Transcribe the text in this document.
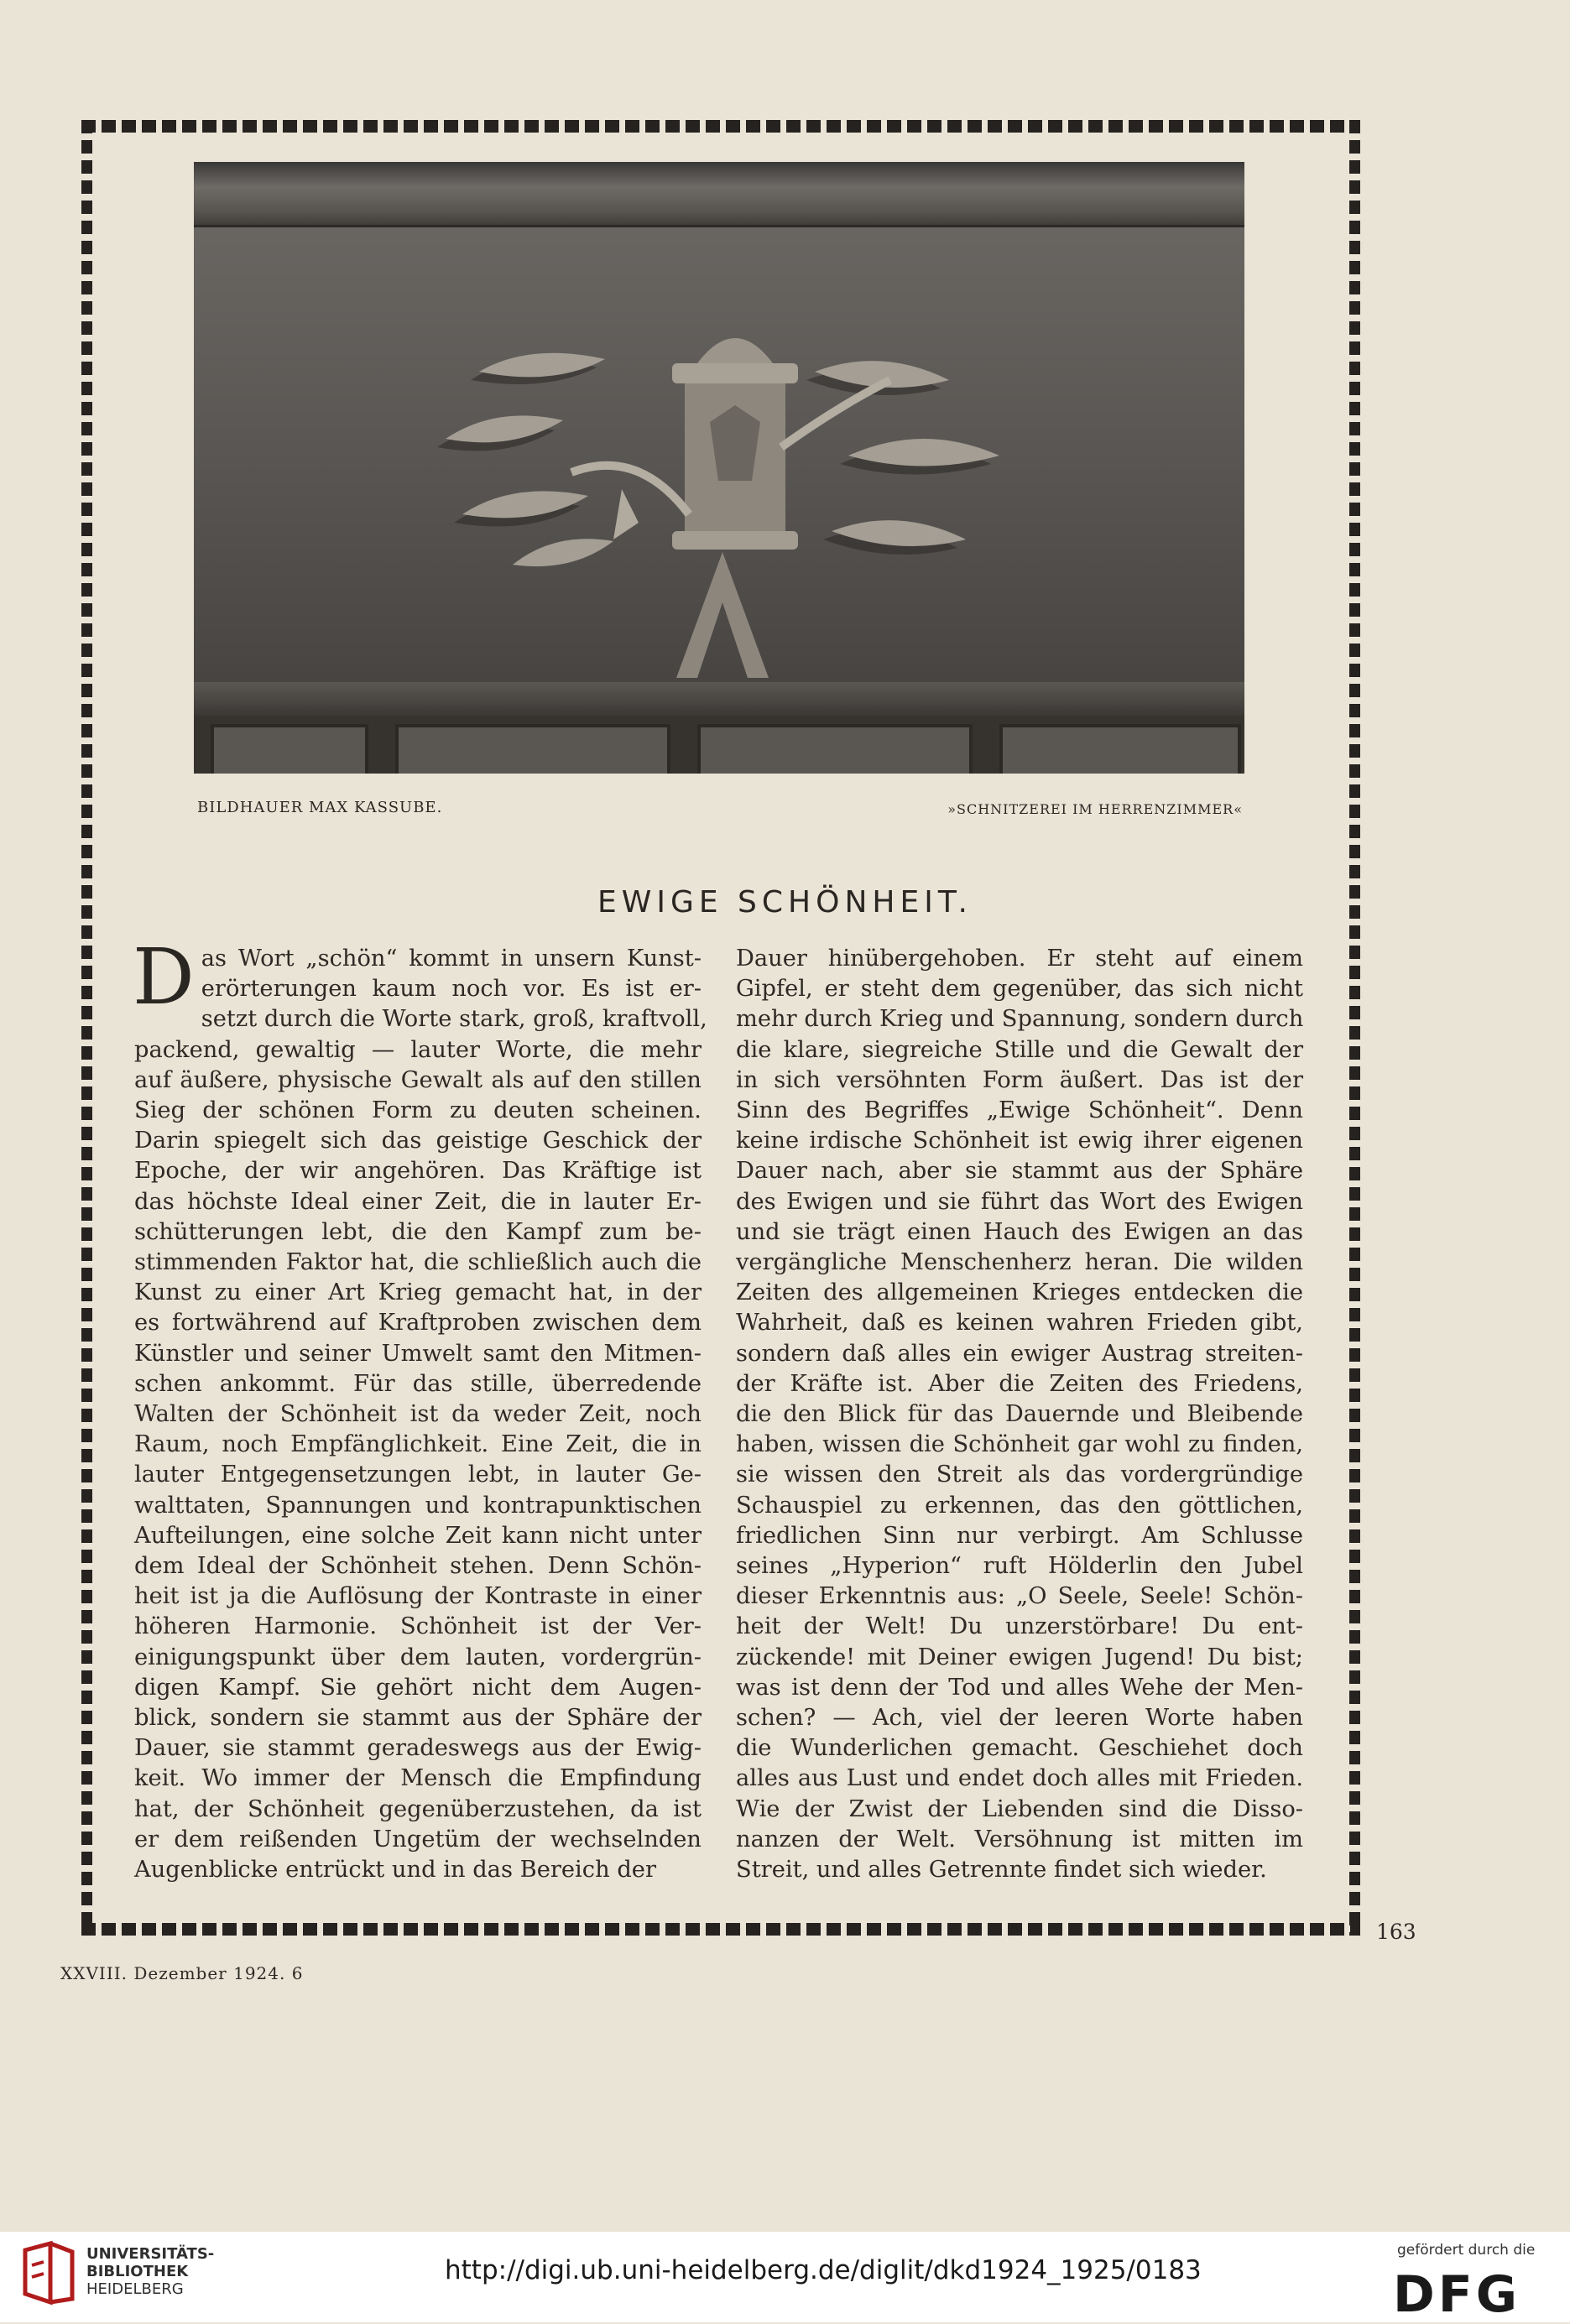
BILDHAUER MAX KASSUBE.	»SCHNITZEREI IM HERRENZIMMER«
EWIGE SCHÖNHEIT.
D as Wort „schön“ kommt in unsern Kunst-
erörterungen kaum noch vor. Es ist er-
setzt durch die Worte stark, groß, kraftvoll,
packend, gewaltig — lauter Worte, die mehr
auf äußere, physische Gewalt als auf den stillen
Sieg der schönen Form zu deuten scheinen.
Darin spiegelt sich das geistige Geschick der
Epoche, der wir angehören. Das Kräftige ist
das höchste Ideal einer Zeit, die in lauter Er-
schütterungen lebt, die den Kampf zum be-
stimmenden Faktor hat, die schließlich auch die
Kunst zu einer Art Krieg gemacht hat, in der
es fortwährend auf Kraftproben zwischen dem
Künstler und seiner Umwelt samt den Mitmen-
schen ankommt. Für das stille, überredende
Walten der Schönheit ist da weder Zeit, noch
Raum, noch Empfänglichkeit. Eine Zeit, die in
lauter Entgegensetzungen lebt, in lauter Ge-
walttaten, Spannungen und kontrapunktischen
Aufteilungen, eine solche Zeit kann nicht unter
dem Ideal der Schönheit stehen. Denn Schön-
heit ist ja die Auflösung der Kontraste in einer
höheren Harmonie. Schönheit ist der Ver-
einigungspunkt über dem lauten, vordergrün-
digen Kampf. Sie gehört nicht dem Augen-
blick, sondern sie stammt aus der Sphäre der
Dauer, sie stammt geradeswegs aus der Ewig-
keit. Wo immer der Mensch die Empfindung
hat, der Schönheit gegenüberzustehen, da ist
er dem reißenden Ungetüm der wechselnden
Augenblicke entrückt und in das Bereich der
Dauer hinübergehoben. Er steht auf einem
Gipfel, er steht dem gegenüber, das sich nicht
mehr durch Krieg und Spannung, sondern durch
die klare, siegreiche Stille und die Gewalt der
in sich versöhnten Form äußert. Das ist der
Sinn des Begriffes „Ewige Schönheit“. Denn
keine irdische Schönheit ist ewig ihrer eigenen
Dauer nach, aber sie stammt aus der Sphäre
des Ewigen und sie führt das Wort des Ewigen
und sie trägt einen Hauch des Ewigen an das
vergängliche Menschenherz heran. Die wilden
Zeiten des allgemeinen Krieges entdecken die
Wahrheit, daß es keinen wahren Frieden gibt,
sondern daß alles ein ewiger Austrag streiten-
der Kräfte ist. Aber die Zeiten des Friedens,
die den Blick für das Dauernde und Bleibende
haben, wissen die Schönheit gar wohl zu finden,
sie wissen den Streit als das vordergründige
Schauspiel zu erkennen, das den göttlichen,
friedlichen Sinn nur verbirgt. Am Schlusse
seines „Hyperion“ ruft Hölderlin den Jubel
dieser Erkenntnis aus: „O Seele, Seele! Schön-
heit der Welt! Du unzerstörbare! Du ent-
zückende! mit Deiner ewigen Jugend! Du bist;
was ist denn der Tod und alles Wehe der Men-
schen? — Ach, viel der leeren Worte haben
die Wunderlichen gemacht. Geschiehet doch
alles aus Lust und endet doch alles mit Frieden.
Wie der Zwist der Liebenden sind die Disso-
nanzen der Welt. Versöhnung ist mitten im
Streit, und alles Getrennte findet sich wieder.
163
XXVIII. Dezember 1924. 6
UNIVERSITÄTS-
BIBLIOTHEK
HEIDELBERG
http://digi.ub.uni-heidelberg.de/diglit/dkd1924_1925/0183
gefördert durch die
DFG
